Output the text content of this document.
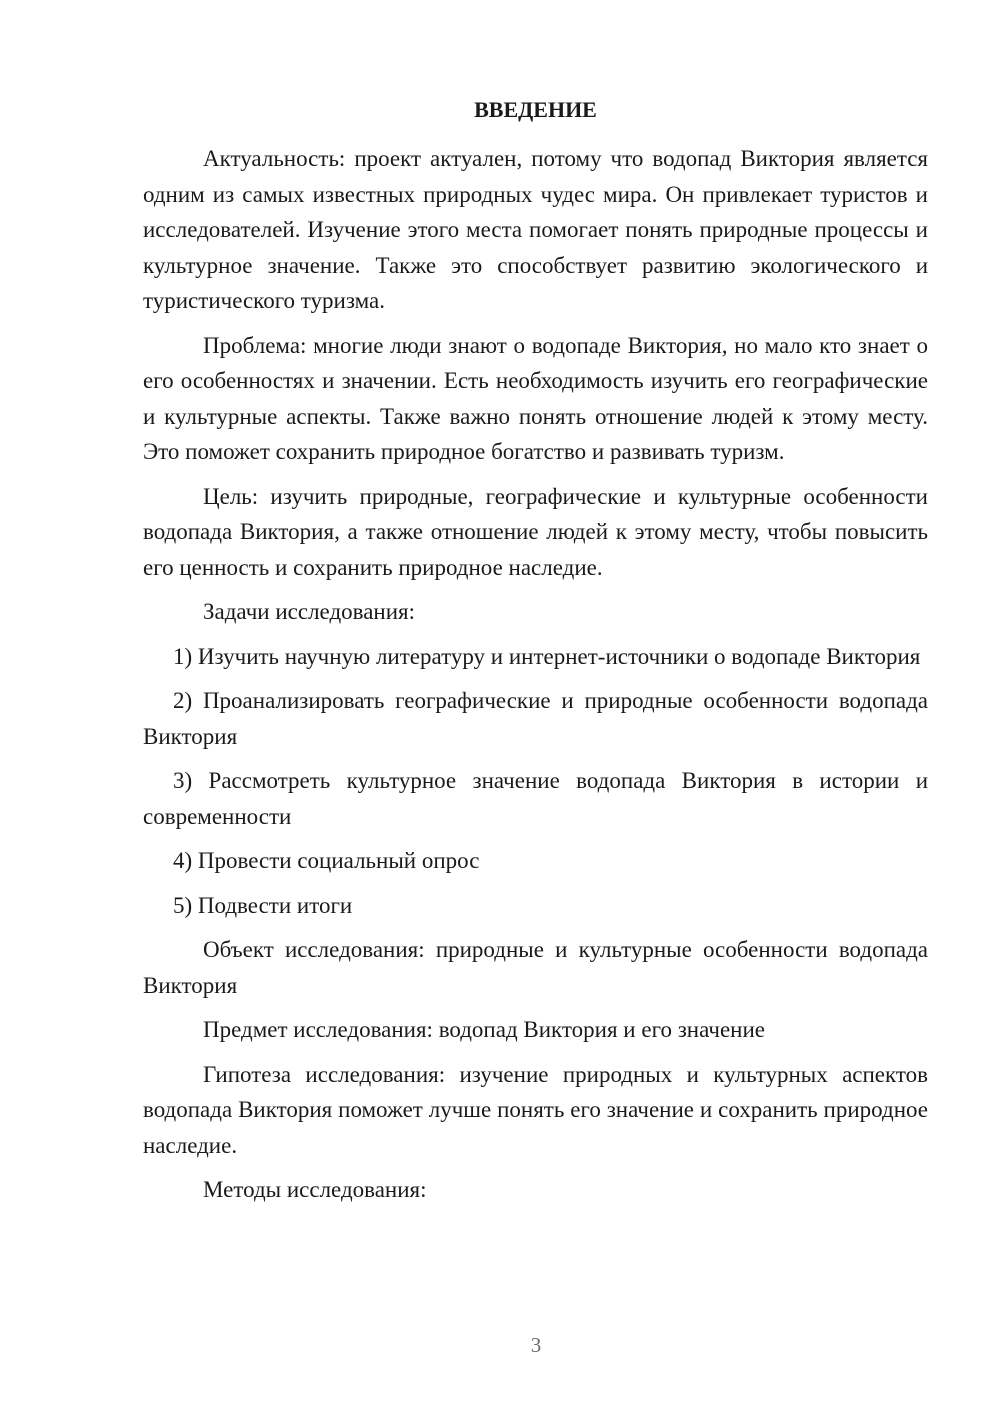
ВВЕДЕНИЕ

Актуальность: проект актуален, потому что водопад Виктория является одним из самых известных природных чудес мира. Он привлекает туристов и исследователей. Изучение этого места помогает понять природные процессы и культурное значение. Также это способствует развитию экологического и туристического туризма.

Проблема: многие люди знают о водопаде Виктория, но мало кто знает о его особенностях и значении. Есть необходимость изучить его географические и культурные аспекты. Также важно понять отношение людей к этому месту. Это поможет сохранить природное богатство и развивать туризм.

Цель: изучить природные, географические и культурные особенности водопада Виктория, а также отношение людей к этому месту, чтобы повысить его ценность и сохранить природное наследие.

Задачи исследования:

1) Изучить научную литературу и интернет-источники о водопаде Виктория

2) Проанализировать географические и природные особенности водопада Виктория

3) Рассмотреть культурное значение водопада Виктория в истории и современности

4) Провести социальный опрос

5) Подвести итоги

Объект исследования: природные и культурные особенности водопада Виктория

Предмет исследования: водопад Виктория и его значение

Гипотеза исследования: изучение природных и культурных аспектов водопада Виктория поможет лучше понять его значение и сохранить природное наследие.

Методы исследования:

3
